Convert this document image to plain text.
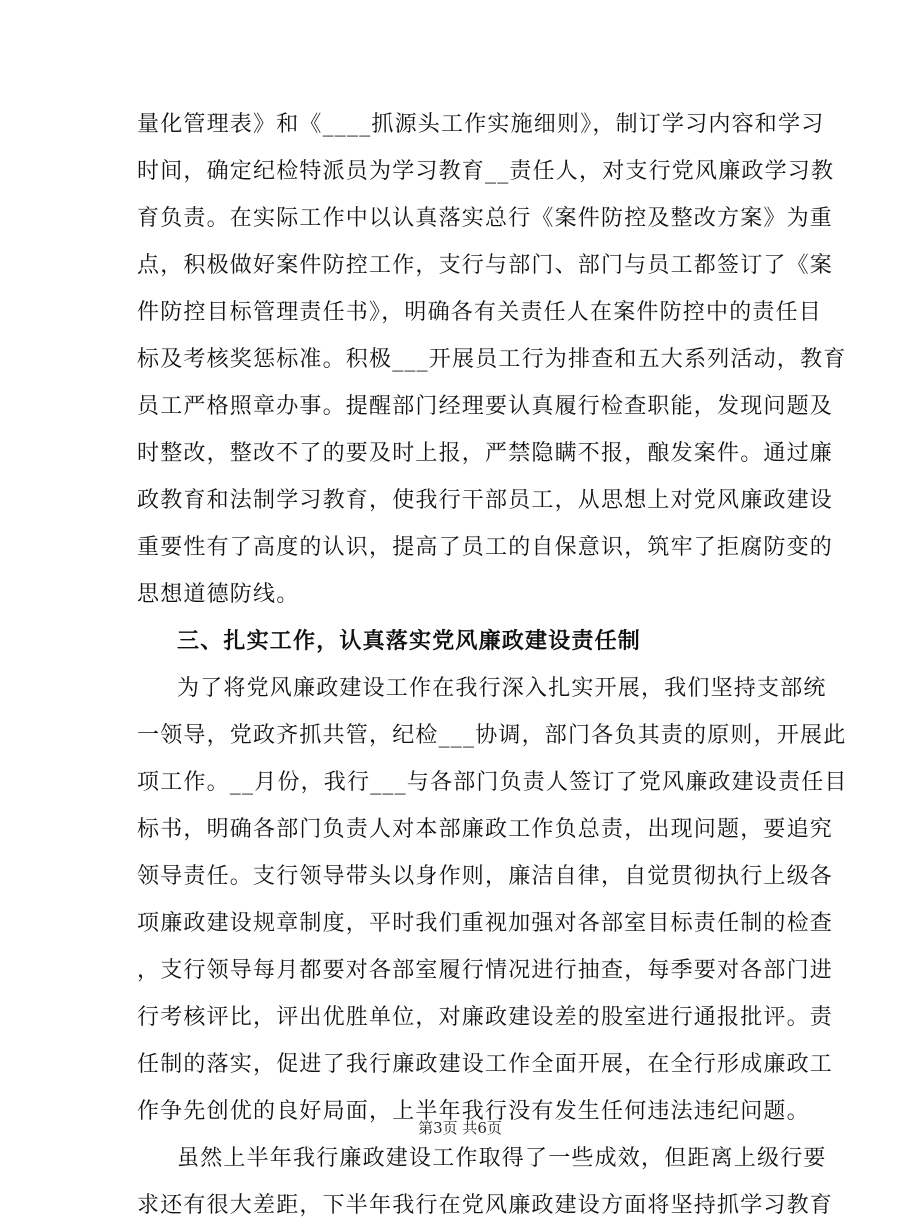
量化管理表》和《____抓源头工作实施细则》，制订学习内容和学习
时间，确定纪检特派员为学习教育__责任人，对支行党风廉政学习教
育负责。在实际工作中以认真落实总行《案件防控及整改方案》为重
点，积极做好案件防控工作，支行与部门、部门与员工都签订了《案
件防控目标管理责任书》，明确各有关责任人在案件防控中的责任目
标及考核奖惩标准。积极___开展员工行为排查和五大系列活动，教育
员工严格照章办事。提醒部门经理要认真履行检查职能，发现问题及
时整改，整改不了的要及时上报，严禁隐瞒不报，酿发案件。通过廉
政教育和法制学习教育，使我行干部员工，从思想上对党风廉政建设
重要性有了高度的认识，提高了员工的自保意识，筑牢了拒腐防变的
思想道德防线。
三、扎实工作，认真落实党风廉政建设责任制
为了将党风廉政建设工作在我行深入扎实开展，我们坚持支部统
一领导，党政齐抓共管，纪检___协调，部门各负其责的原则，开展此
项工作。__月份，我行___与各部门负责人签订了党风廉政建设责任目
标书，明确各部门负责人对本部廉政工作负总责，出现问题，要追究
领导责任。支行领导带头以身作则，廉洁自律，自觉贯彻执行上级各
项廉政建设规章制度，平时我们重视加强对各部室目标责任制的检查
，支行领导每月都要对各部室履行情况进行抽查，每季要对各部门进
行考核评比，评出优胜单位，对廉政建设差的股室进行通报批评。责
任制的落实，促进了我行廉政建设工作全面开展，在全行形成廉政工
作争先创优的良好局面，上半年我行没有发生任何违法违纪问题。
虽然上半年我行廉政建设工作取得了一些成效，但距离上级行要
求还有很大差距，下半年我行在党风廉政建设方面将坚持抓学习教育
第3页 共6页
